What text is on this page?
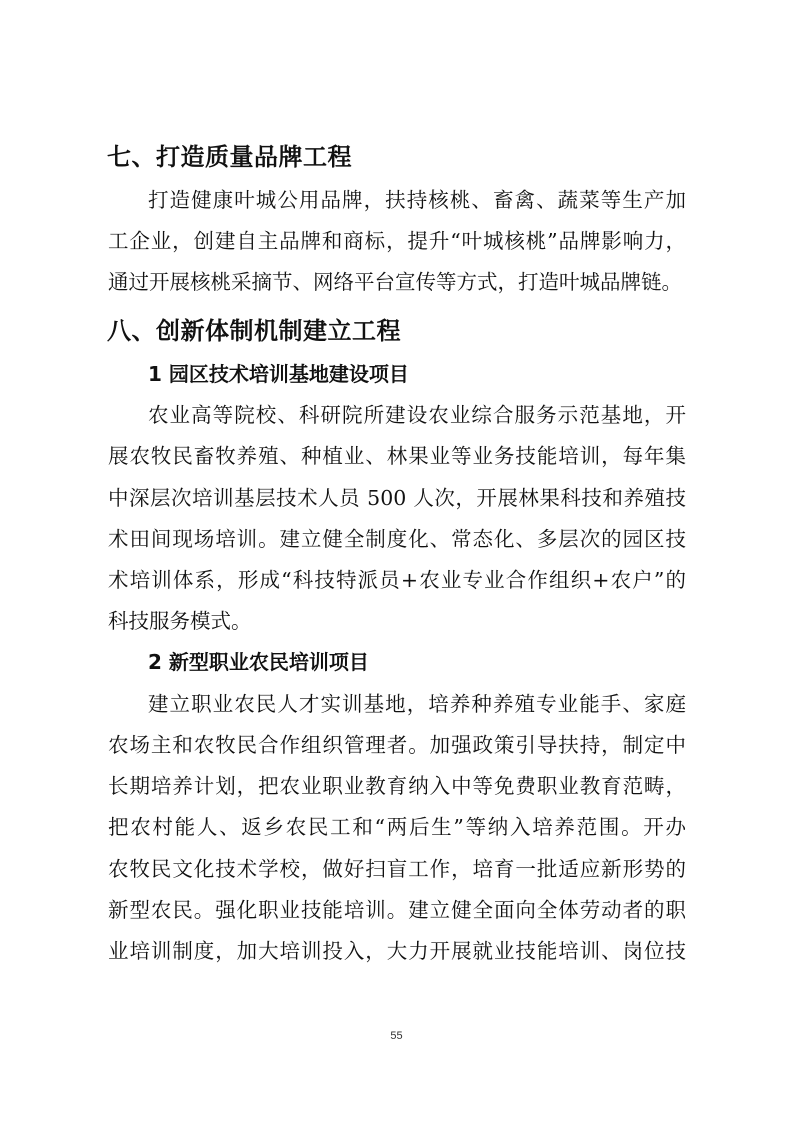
七、打造质量品牌工程
打造健康叶城公用品牌，扶持核桃、畜禽、蔬菜等生产加
工企业，创建自主品牌和商标，提升“叶城核桃”品牌影响力，
通过开展核桃采摘节、网络平台宣传等方式，打造叶城品牌链。
八、创新体制机制建立工程
1 园区技术培训基地建设项目
农业高等院校、科研院所建设农业综合服务示范基地，开
展农牧民畜牧养殖、种植业、林果业等业务技能培训，每年集
中深层次培训基层技术人员 500 人次，开展林果科技和养殖技
术田间现场培训。建立健全制度化、常态化、多层次的园区技
术培训体系，形成“科技特派员+农业专业合作组织+农户”的
科技服务模式。
2 新型职业农民培训项目
建立职业农民人才实训基地，培养种养殖专业能手、家庭
农场主和农牧民合作组织管理者。加强政策引导扶持，制定中
长期培养计划，把农业职业教育纳入中等免费职业教育范畴，
把农村能人、返乡农民工和“两后生”等纳入培养范围。开办
农牧民文化技术学校，做好扫盲工作，培育一批适应新形势的
新型农民。强化职业技能培训。建立健全面向全体劳动者的职
业培训制度，加大培训投入，大力开展就业技能培训、岗位技
55
